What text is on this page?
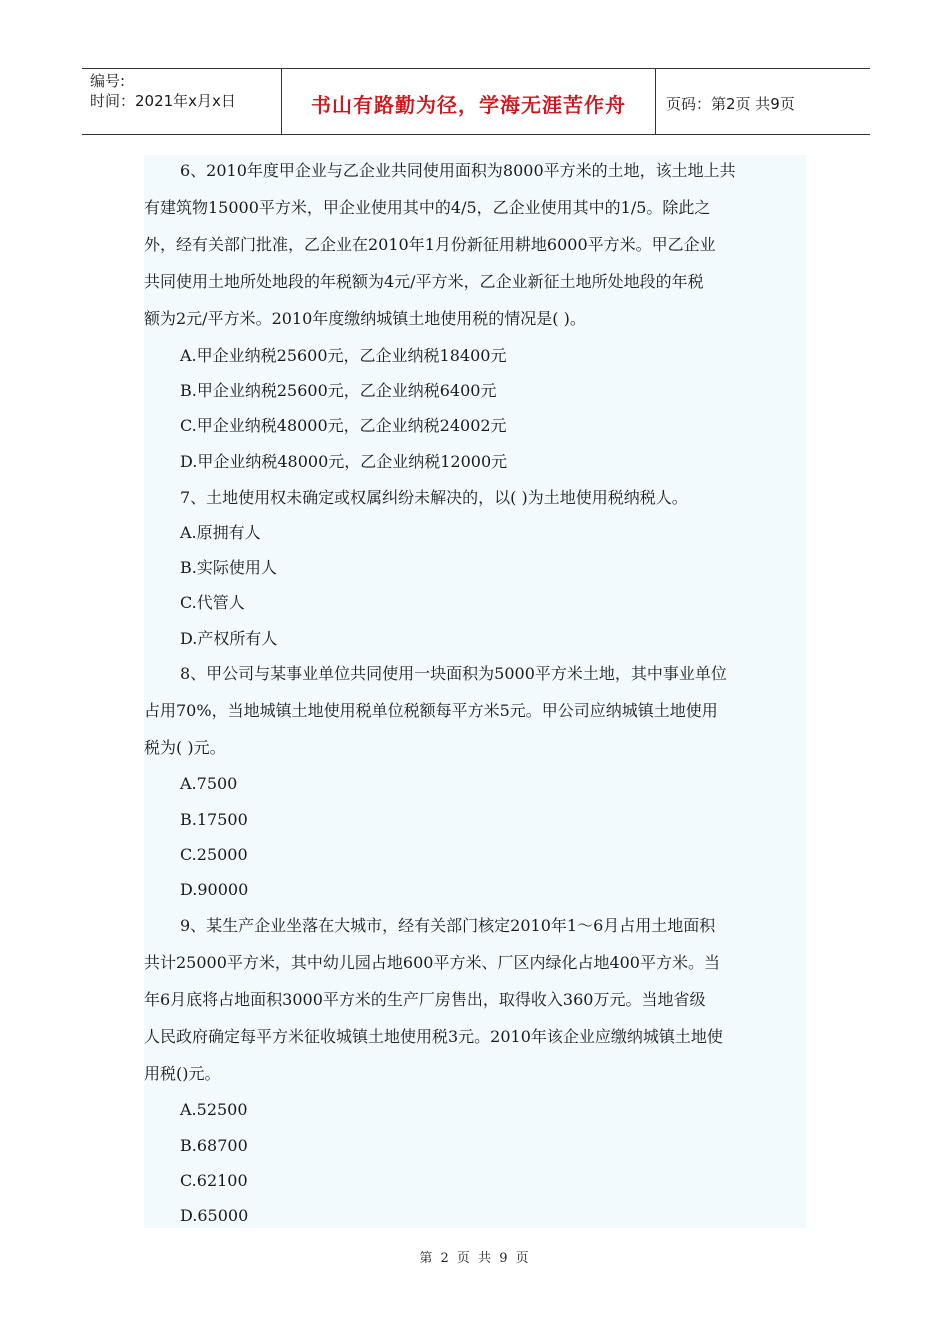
编号:
时间：2021年x月x日	书山有路勤为径，学海无涯苦作舟	页码：第2页 共9页
6、2010年度甲企业与乙企业共同使用面积为8000平方米的土地，该土地上共
有建筑物15000平方米，甲企业使用其中的4/5，乙企业使用其中的1/5。除此之
外，经有关部门批准，乙企业在2010年1月份新征用耕地6000平方米。甲乙企业
共同使用土地所处地段的年税额为4元/平方米，乙企业新征土地所处地段的年税
额为2元/平方米。2010年度缴纳城镇土地使用税的情况是( )。
A.甲企业纳税25600元，乙企业纳税18400元
B.甲企业纳税25600元，乙企业纳税6400元
C.甲企业纳税48000元，乙企业纳税24002元
D.甲企业纳税48000元，乙企业纳税12000元
7、土地使用权未确定或权属纠纷未解决的，以( )为土地使用税纳税人。
A.原拥有人
B.实际使用人
C.代管人
D.产权所有人
8、甲公司与某事业单位共同使用一块面积为5000平方米土地，其中事业单位
占用70%，当地城镇土地使用税单位税额每平方米5元。甲公司应纳城镇土地使用
税为( )元。
A.7500
B.17500
C.25000
D.90000
9、某生产企业坐落在大城市，经有关部门核定2010年1～6月占用土地面积
共计25000平方米，其中幼儿园占地600平方米、厂区内绿化占地400平方米。当
年6月底将占地面积3000平方米的生产厂房售出，取得收入360万元。当地省级
人民政府确定每平方米征收城镇土地使用税3元。2010年该企业应缴纳城镇土地使
用税()元。
A.52500
B.68700
C.62100
D.65000
第 2 页 共 9 页
